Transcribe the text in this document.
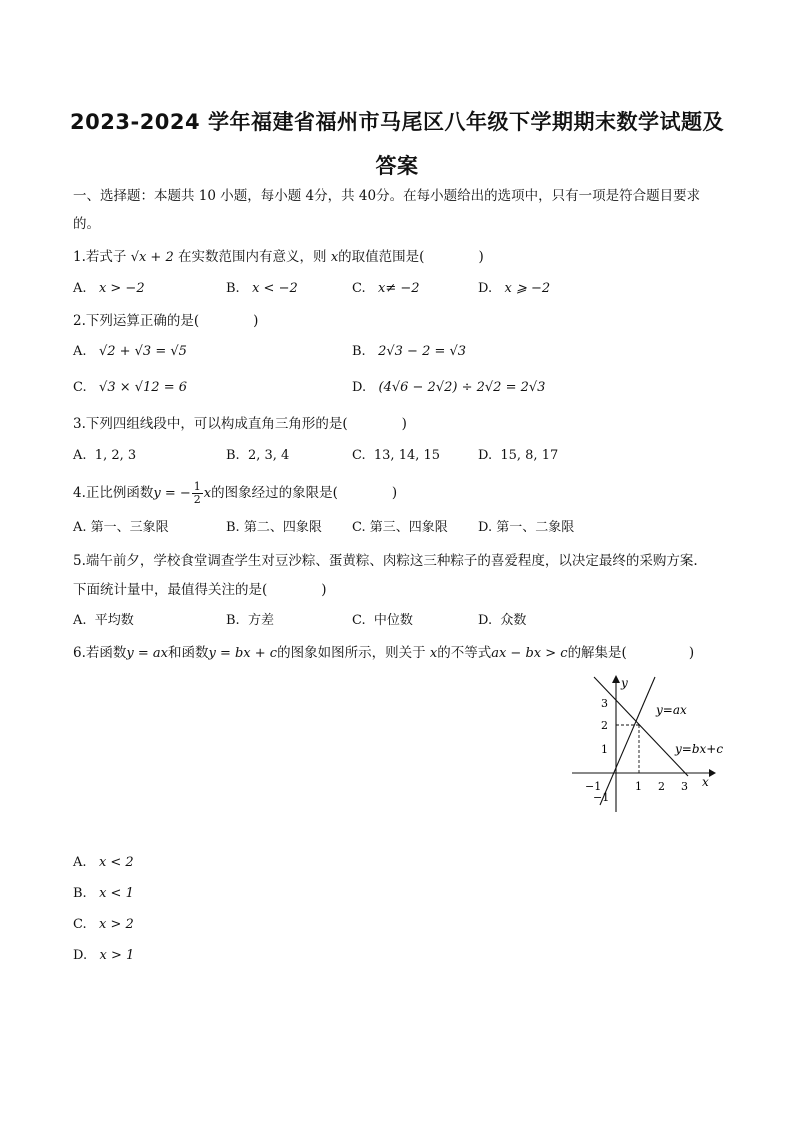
2023-2024 学年福建省福州市马尾区八年级下学期期末数学试题及答案
一、选择题：本题共 10 小题，每小题 4分，共 40分。在每小题给出的选项中，只有一项是符合题目要求
的。
1.若式子 √x + 2 在实数范围内有意义，则 x的取值范围是(	)
A. x > −2	B. x < −2	C. x≠ −2	D. x ⩾ −2
2.下列运算正确的是(	)
A. √2 + √3 = √5	B. 2√3 − 2 = √3
C. √3 × √12 = 6	D. (4√6 − 2√2) ÷ 2√2 = 2√3
3.下列四组线段中，可以构成直角三角形的是(	)
A. 1, 2, 3	B. 2, 3, 4	C. 13, 14, 15	D. 15, 8, 17
4.正比例函数y = − $\frac{1}{2}$ x的图象经过的象限是(	)
A. 第一、三象限	B. 第二、四象限 C. 第三、四象限 D. 第一、二象限
5.端午前夕，学校食堂调查学生对豆沙粽、蛋黄粽、肉粽这三种粽子的喜爱程度，以决定最终的采购方案.
下面统计量中，最值得关注的是(	)
A. 平均数	B. 方差	C. 中位数	D. 众数
6.若函数y = ax和函数y = bx + c的图象如图所示，则关于 x的不等式ax − bx > c的解集是(	)
y
x
y=ax
y=bx+c
−1	1 2 3
3
2
1
−1
A. x < 2
B. x < 1
C. x > 2
D. x > 1
